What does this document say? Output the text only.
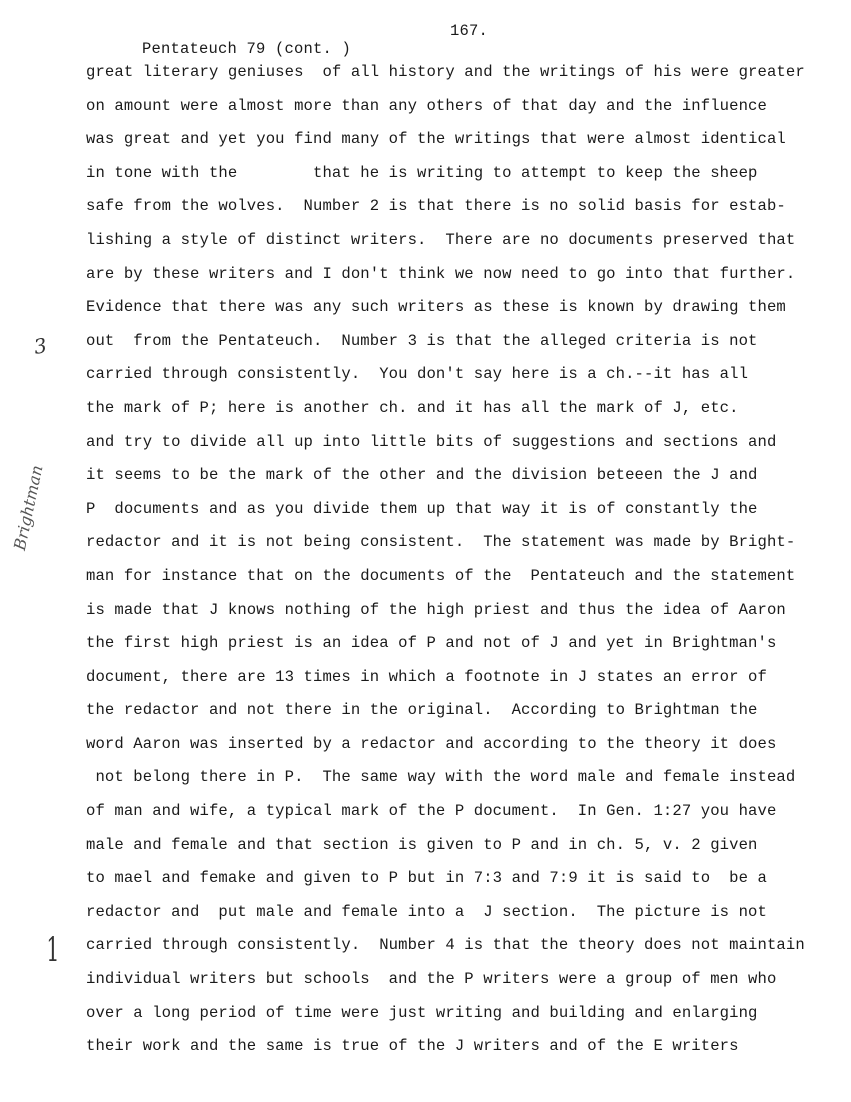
Pentateuch 79 (cont. )

167.

great literary geniuses  of all history and the writings of his were greater
on amount were almost more than any others of that day and the influence
was great and yet you find many of the writings that were almost identical
in tone with the        that he is writing to attempt to keep the sheep
safe from the wolves.  Number 2 is that there is no solid basis for estab-
lishing a style of distinct writers.  There are no documents preserved that
are by these writers and I don't think we now need to go into that further.
Evidence that there was any such writers as these is known by drawing them
out  from the Pentateuch.  Number 3 is that the alleged criteria is not
carried through consistently.  You don't say here is a ch.--it has all
the mark of P; here is another ch. and it has all the mark of J, etc.
and try to divide all up into little bits of suggestions and sections and
it seems to be the mark of the other and the division beteeen the J and
P  documents and as you divide them up that way it is of constantly the
redactor and it is not being consistent.  The statement was made by Bright-
man for instance that on the documents of the  Pentateuch and the statement
is made that J knows nothing of the high priest and thus the idea of Aaron
the first high priest is an idea of P and not of J and yet in Brightman's
document, there are 13 times in which a footnote in J states an error of
the redactor and not there in the original.  According to Brightman the
word Aaron was inserted by a redactor and according to the theory it does
not belong there in P.  The same way with the word male and female instead
of man and wife, a typical mark of the P document.  In Gen. 1:27 you have
male and female and that section is given to P and in ch. 5, v. 2 given
to mael and femake and given to P but in 7:3 and 7:9 it is said to  be a
redactor and  put male and female into a  J section.  The picture is not
carried through consistently.  Number 4 is that the theory does not maintain
individual writers but schools  and the P writers were a group of men who
over a long period of time were just writing and building and enlarging
their work and the same is true of the J writers and of the E writers
3
Brightman
1
